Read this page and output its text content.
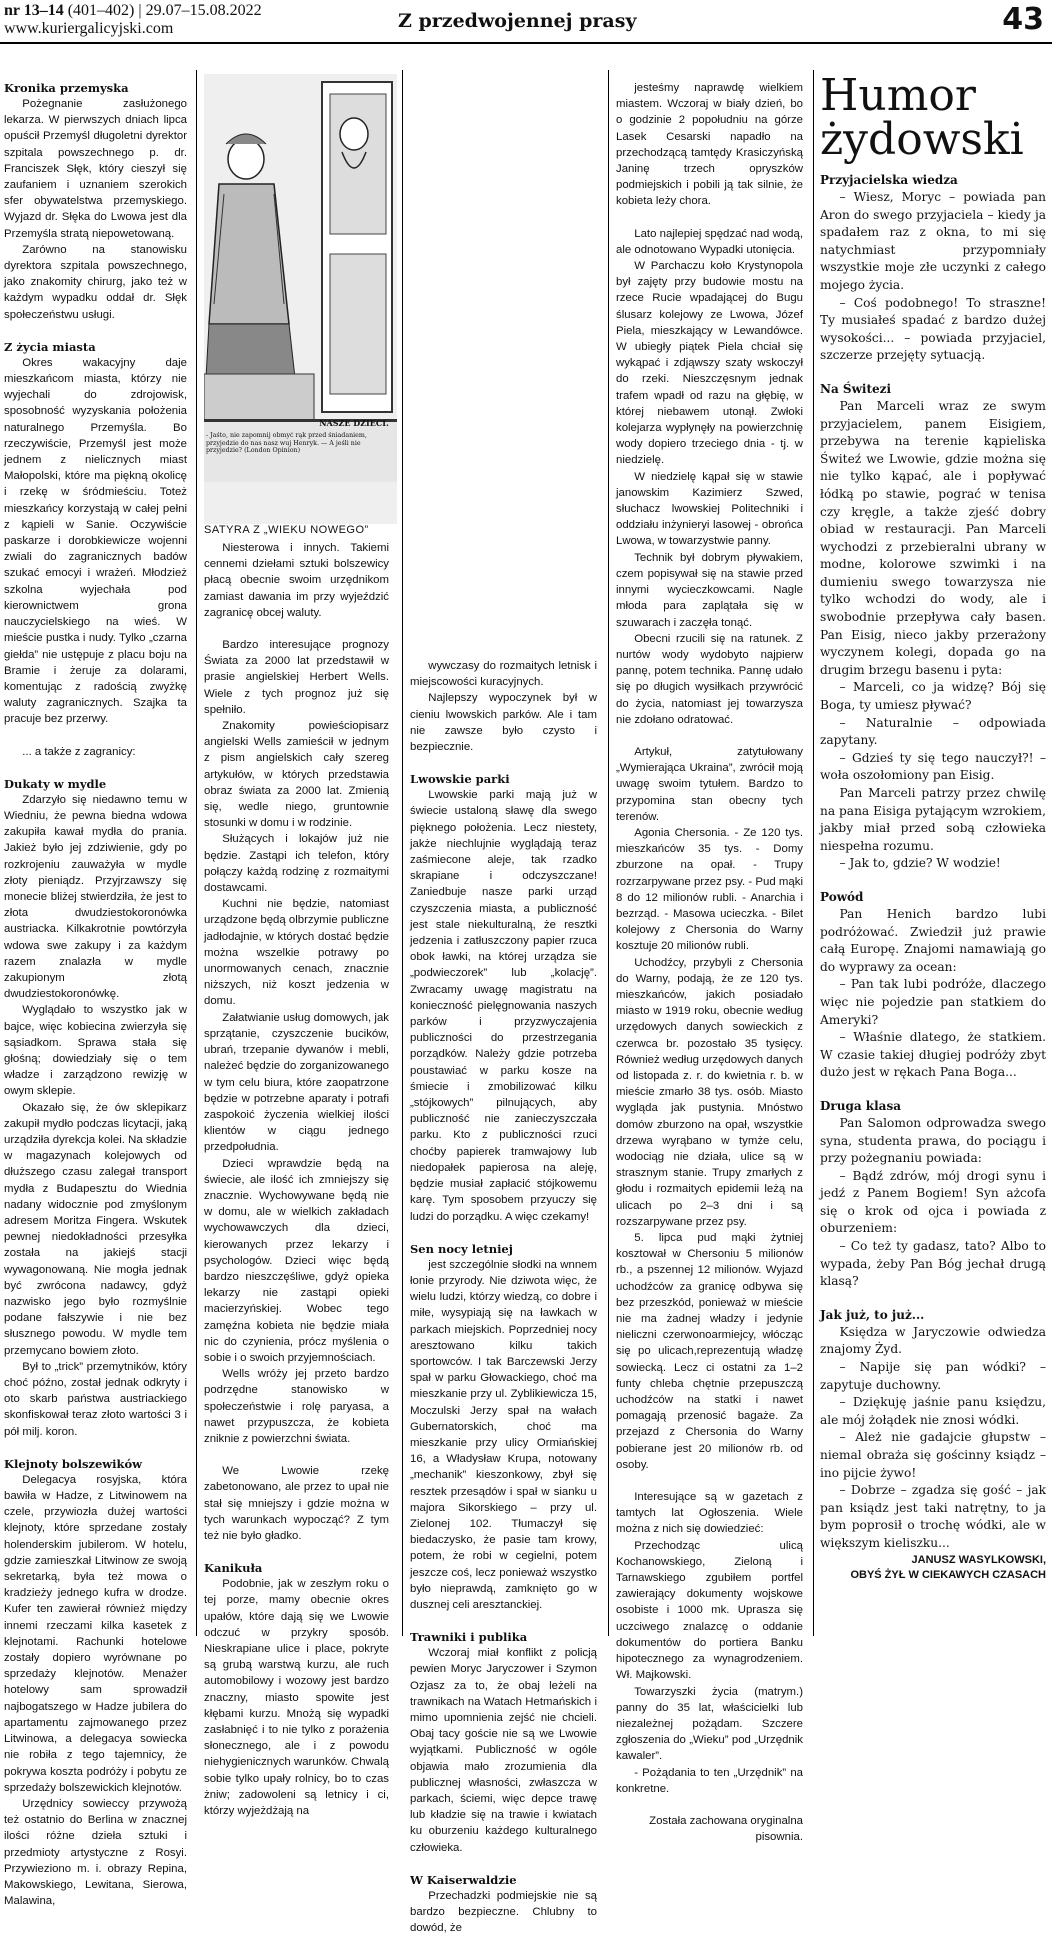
nr 13–14 (401–402) | 29.07–15.08.2022
www.kuriergalicyjski.com	Z przedwojennej prasy	43
NASZE DZIECI.
- Jaśto, nie zapomnij obmyć rąk przed śniadaniem, przyjedzie do nas nasz wuj Henryk. — A jeśli nie przyjedzie? (London Opinion)
SATYRA Z „WIEKU NOWEGO”
Kronika przemyska

Pożegnanie zasłużonego lekarza. W pierwszych dniach lipca opuścił Przemyśl długoletni dyrektor szpitala powszechnego p. dr. Franciszek Słęk, który cieszył się zaufaniem i uznaniem szerokich sfer obywatelstwa przemyskiego. Wyjazd dr. Słęka do Lwowa jest dla Przemyśla stratą niepowetowaną.

Zarówno na stanowisku dyrektora szpitala powszechnego, jako znakomity chirurg, jako też w każdym wypadku oddał dr. Słęk społeczeństwu usługi.

Z życia miasta

Okres wakacyjny daje mieszkańcom miasta, którzy nie wyjechali do zdrojowisk, sposobność wyzyskania położenia naturalnego Przemyśla. Bo rzeczywiście, Przemyśl jest może jednem z nielicznych miast Małopolski, które ma piękną okolicę i rzekę w śródmieściu. Toteż mieszkańcy korzystają w całej pełni z kąpieli w Sanie. Oczywiście paskarze i dorobkiewicze wojenni zwiali do zagranicznych badów szukać emocyi i wrażeń. Młodzież szkolna wyjechała pod kierownictwem grona nauczycielskiego na wieś. W mieście pustka i nudy. Tylko „czarna giełda” nie ustępuje z placu boju na Bramie i żeruje za dolarami, komentując z radością zwyżkę waluty zagranicznych. Szajka ta pracuje bez przerwy.

... a także z zagranicy:

Dukaty w mydle

Zdarzyło się niedawno temu w Wiedniu, że pewna biedna wdowa zakupiła kawał mydła do prania. Jakież było jej zdziwienie, gdy po rozkrojeniu zauważyła w mydle złoty pieniądz. Przyjrzawszy się monecie bliżej stwierdziła, że jest to złota dwudziestokoronówka austriacka. Kilkakrotnie powtórzyła wdowa swe zakupy i za każdym razem znalazła w mydle zakupionym złotą dwudziestokoronówkę.

Wyglądało to wszystko jak w bajce, więc kobiecina zwierzyła się sąsiadkom. Sprawa stała się głośną; dowiedziały się o tem władze i zarządzono rewizję w owym sklepie.

Okazało się, że ów sklepikarz zakupił mydło podczas licytacji, jaką urządziła dyrekcja kolei. Na składzie w magazynach kolejowych od dłuższego czasu zalegał transport mydła z Budapesztu do Wiednia nadany widocznie pod zmyślonym adresem Moritza Fingera. Wskutek pewnej niedokładności przesyłka została na jakiejś stacji wywagonowaną. Nie mogła jednak być zwrócona nadawcy, gdyż nazwisko jego było rozmyślnie podane fałszywie i nie bez słusznego powodu. W mydle tem przemycano bowiem złoto.

Był to „trick” przemytników, który choć późno, został jednak odkryty i oto skarb państwa austriackiego skonfiskował teraz złoto wartości 3 i pół milj. koron.

Klejnoty bolszewików

Delegacya rosyjska, która bawiła w Hadze, z Litwinowem na czele, przywiozła dużej wartości klejnoty, które sprzedane zostały holenderskim jubilerom. W hotelu, gdzie zamieszkał Litwinow ze swoją sekretarką, była też mowa o kradzieży jednego kufra w drodze. Kufer ten zawierał również między innemi rzeczami kilka kasetek z klejnotami. Rachunki hotelowe zostały dopiero wyrównane po sprzedaży klejnotów. Menażer hotelowy sam sprowadził najbogatszego w Hadze jubilera do apartamentu zajmowanego przez Litwinowa, a delegacya sowiecka nie robiła z tego tajemnicy, że pokrywa koszta podróży i pobytu ze sprzedaży bolszewickich klejnotów.

Urzędnicy sowieccy przywożą też ostatnio do Berlina w znacznej ilości różne dzieła sztuki i przedmioty artystyczne z Rosyi. Przywieziono m. i. obrazy Repina, Makowskiego, Lewitana, Sierowa, Malawina,

Niesterowa i innych. Takiemi cennemi dziełami sztuki bolszewicy płacą obecnie swoim urzędnikom zamiast dawania im przy wyjeździć zagranicę obcej waluty.

Bardzo interesujące prognozy Świata za 2000 lat przedstawił w prasie angielskiej Herbert Wells. Wiele z tych prognoz już się spełniło.

Znakomity powieściopisarz angielski Wells zamieścił w jednym z pism angielskich cały szereg artykułów, w których przedstawia obraz świata za 2000 lat. Zmienią się, wedle niego, gruntownie stosunki w domu i w rodzinie.

Służących i lokajów już nie będzie. Zastąpi ich telefon, który połączy każdą rodzinę z rozmaitymi dostawcami.

Kuchni nie będzie, natomiast urządzone będą olbrzymie publiczne jadłodajnie, w których dostać będzie można wszelkie potrawy po unormowanych cenach, znacznie niższych, niż koszt jedzenia w domu.

Załatwianie usług domowych, jak sprzątanie, czyszczenie bucików, ubrań, trzepanie dywanów i mebli, należeć będzie do zorganizowanego w tym celu biura, które zaopatrzone będzie w potrzebne aparaty i potrafi zaspokoić życzenia wielkiej ilości klientów w ciągu jednego przedpołudnia.

Dzieci wprawdzie będą na świecie, ale ilość ich zmniejszy się znacznie. Wychowywane będą nie w domu, ale w wielkich zakładach wychowawczych dla dzieci, kierowanych przez lekarzy i psychologów. Dzieci więc będą bardzo nieszczęśliwe, gdyż opieka lekarzy nie zastąpi opieki macierzyńskiej. Wobec tego zamęźna kobieta nie będzie miała nic do czynienia, prócz myślenia o sobie i o swoich przyjemnościach.

Wells wróży jej przeto bardzo podrzędne stanowisko w społeczeństwie i rolę paryasa, a nawet przypuszcza, że kobieta zniknie z powierzchni świata.

We Lwowie rzekę zabetonowano, ale przez to upał nie stał się mniejszy i gdzie można w tych warunkach wypocząć? Z tym też nie było gładko.

Kanikuła

Podobnie, jak w zeszłym roku o tej porze, mamy obecnie okres upałów, które dają się we Lwowie odczuć w przykry sposób. Nieskrapiane ulice i place, pokryte są grubą warstwą kurzu, ale ruch automobilowy i wozowy jest bardzo znaczny, miasto spowite jest kłębami kurzu. Mnożą się wypadki zasłabnięć i to nie tylko z porażenia słonecznego, ale i z powodu niehygienicznych warunków. Chwalą sobie tylko upały rolnicy, bo to czas żniw; zadowoleni są letnicy i ci, którzy wyjeżdżają na

wywczasy do rozmaitych letnisk i miejscowości kuracyjnych.

Najlepszy wypoczynek był w cieniu lwowskich parków. Ale i tam nie zawsze było czysto i bezpiecznie.

Lwowskie parki

Lwowskie parki mają już w świecie ustaloną sławę dla swego pięknego położenia. Lecz niestety, jakże niechlujnie wyglądają teraz zaśmiecone aleje, tak rzadko skrapiane i odczyszczane! Zaniedbuje naszе parki urząd czyszczenia miasta, a publiczność jest stale niekulturalną, że resztki jedzenia i zatłuszczony papier rzuca obok ławki, na której urządza sie „podwieczorek” lub „kolację”. Zwracamy uwagę magistratu na konieczność pielęgnowania naszych parków i przyzwyczajenia publiczności do przestrzegania porządków. Należy gdzie potrzeba poustawiać w parku kosze na śmiecie i zmobilizować kilku „stójkowych” pilnujących, aby publiczność nie zanieczyszczała parku. Kto z publiczności rzuci choćby papierek tramwajowy lub niedopałek papierosa na aleję, będzie musiał zapłacić stójkowemu karę. Tym sposobem przyuczy się ludzi do porządku. A więc czekamy!

Sen nocy letniej

jest szczególnie słodki na wnnem łonie przyrody. Nie dziwota więc, że wielu ludzi, którzy wiedzą, co dobre i miłe, wysypiają się na ławkach w parkach miejskich. Poprzedniej nocy aresztowano kilku takich sportowców. I tak Barczewski Jerzy spał w parku Głowackiego, choć ma mieszkanie przy ul. Zyblikiewicza 15, Moczulski Jerzy spał na wałach Gubernatorskich, choć ma mieszkanie przy ulicy Ormiańskiej 16, a Władysław Krupa, notowany „mechanik” kieszonkowy, zbył się resztek przesądów i spał w sianku u majora Sikorskiego – przy ul. Zielonej 102. Tłumaczył się biedaczysko, że pasie tam krowy, potem, że robi w cegielni, potem jeszcze coś, lecz ponieważ wszystko było nieprawdą, zamknięto go w dusznej celi aresztanckiej.

Trawniki i publika

Wczoraj miał konflikt z policją pewien Moryc Jaryczower i Szymon Ozjasz za to, że obaj leżeli na trawnikach na Watach Hetmańskich i mimo upomnienia zejść nie chcieli. Obaj tacy goście nie są we Lwowie wyjątkami. Publiczność w ogóle objawia mało zrozumienia dla publicznej własności, zwłaszcza w parkach, ściemi, więc depce trawę lub kładzie się na trawie i kwiatach ku oburzeniu każdego kulturalnego człowieka.

W Kaiserwaldzie

Przechadzki podmiejskie nie są bardzo bezpieczne. Chlubny to dowód, że

jesteśmy naprawdę wielkiem miastem. Wczoraj w biały dzień, bo o godzinie 2 popołudniu na górze Lasek Cesarski napadło na przechodzącą tamtędy Krasiczyńską Janinę trzech opryszków podmiejskich i pobili ją tak silnie, że kobieta leży chora.

Lato najlepiej spędzać nad wodą, ale odnotowano Wypadki utonięcia.

W Parchaczu koło Krystynopola był zajęty przy budowie mostu na rzece Rucie wpadającej do Bugu ślusarz kolejowy ze Lwowa, Józef Piela, mieszkający w Lewandówce. W ubiegły piątek Piela chciał się wykąpać i zdjąwszy szaty wskoczył do rzeki. Nieszczęsnym jednak trafem wpadł od razu na głębię, w której niebawem utonął. Zwłoki kolejarza wypłynęły na powierzchnię wody dopiero trzeciego dnia - tj. w niedzielę.

W niedzielę kąpał się w stawie janowskim Kazimierz Szwed, słuchacz lwowskiej Politechniki i oddziału inżynieryi lasowej - obrońca Lwowa, w towarzystwie panny.

Technik był dobrym pływakiem, czem popisywał się na stawie przed innymi wycieczkowcami. Nagle młoda para zaplątała się w szuwarach i zaczęła tonąć.

Obecni rzucili się na ratunek. Z nurtów wody wydobyto najpierw pannę, potem technika. Pannę udało się po długich wysiłkach przywrócić do życia, natomiast jej towarzysza nie zdołano odratować.

Artykuł, zatytułowany „Wymierająca Ukraina”, zwrócił moją uwagę swoim tytułem. Bardzo to przypomina stan obecny tych terenów.

Agonia Chersonia. - Ze 120 tys. mieszkańców 35 tys. - Domy zburzone na opał. - Trupy rozrzarpywane przez psy. - Pud mąki 8 do 12 milionów rubli. - Anarchia i bezrząd. - Masowa ucieczka. - Bilet kolejowy z Chersonia do Warny kosztuje 20 milionów rubli.

Uchodźcy, przybyli z Chersonia do Warny, podają, że ze 120 tys. mieszkańców, jakich posiadało miasto w 1919 roku, obecnie według urzędowych danych sowieckich z czerwca br. pozostało 35 tysięcy. Również według urzędowych danych od listopada z. r. do kwietnia r. b. w mieście zmarło 38 tys. osób. Miasto wygląda jak pustynia. Mnóstwo domów zburzono na opał, wszystkie drzewa wyrąbano w tymże celu, wodociąg nie działa, ulice są w strasznym stanie. Trupy zmarłych z głodu i rozmaitych epidemii leżą na ulicach po 2–3 dni i są rozszarpywane przez psy.

5. lipca pud mąki żytniej kosztował w Chersoniu 5 milionów rb., a pszennej 12 milionów. Wyjazd uchodźców za granicę odbywa się bez przeszkód, ponieważ w mieście nie ma żadnej władzy i jedynie nieliczni czerwonoarmiejcy, włócząc się po ulicach,reprezentują władzę sowiecką. Lecz ci ostatni za 1–2 funty chleba chętnie przepuszczą uchodźców na statki i nawet pomagają przenosić bagaże. Za przejazd z Chersonia do Warny pobierane jest 20 milionów rb. od osoby.

Interesujące są w gazetach z tamtych lat Ogłoszenia. Wiele można z nich się dowiedzieć:

Przechodząc ulicą Kochanowskiego, Zieloną i Tarnawskiego zgubiłem portfel zawierający dokumenty wojskowe osobiste i 1000 mk. Uprasza się uczciwego znalazcę o oddanie dokumentów do portiera Banku hipotecznego za wynagrodzeniem. Wł. Majkowski.

Towarzyszki życia (matrym.) panny do 35 lat, właścicielki lub niezależnej pożądam. Szczere zgłoszenia do „Wieku” pod „Urzędnik kawaler”.

- Pożądania to ten „Urzędnik” na konkretne.

Została zachowana oryginalna pisownia.

Humor
żydowski
Przyjacielska wiedza

– Wiesz, Moryc – powiada pan Aron do swego przyjaciela – kiedy ja spadałem raz z okna, to mi się natychmiast przypomniały wszystkie moje złe uczynki z całego mojego życia.

– Coś podobnego! To straszne! Ty musiałeś spadać z bardzo dużej wysokości... – powiada przyjaciel, szczerze przejęty sytuacją.

Na Świtezi

Pan Marceli wraz ze swym przyjacielem, panem Eisigiem, przebywa na terenie kąpieliska Świteź we Lwowie, gdzie można się nie tylko kąpać, ale i popływać łódką po stawie, pograć w tenisa czy kręgle, a także zjeść dobry obiad w restauracji. Pan Marceli wychodzi z przebieralni ubrany w modne, kolorowe szwimki i na dumieniu swego towarzysza nie tylko wchodzi do wody, ale i swobodnie przepływa cały basen. Pan Eisig, nieco jakby przerażony wyczynem kolegi, dopada go na drugim brzegu basenu i pyta:

– Marceli, co ja widzę? Bój się Boga, ty umiesz pływać?

– Naturalnie – odpowiada zapytany.

– Gdzieś ty się tego nauczył?! – woła oszołomiony pan Eisig.

Pan Marceli patrzy przez chwilę na pana Eisiga pytającym wzrokiem, jakby miał przed sobą człowieka niespełna rozumu.

– Jak to, gdzie? W wodzie!

Powód

Pan Henich bardzo lubi podróżować. Zwiedził już prawie całą Europę. Znajomi namawiają go do wyprawy za ocean:

– Pan tak lubi podróże, dlaczego więc nie pojedzie pan statkiem do Ameryki?

– Właśnie dlatego, że statkiem. W czasie takiej długiej podróży zbyt dużo jest w rękach Pana Boga...

Druga klasa

Pan Salomon odprowadza swego syna, studenta prawa, do pociągu i przy pożegnaniu powiada:

– Bądź zdrów, mój drogi synu i jedź z Panem Bogiem! Syn ażcofa się o krok od ojca i powiada z oburzeniem:

– Co też ty gadasz, tato? Albo to wypada, żeby Pan Bóg jechał drugą klasą?

Jak już, to już...

Księdza w Jaryczowie odwiedza znajomy Żyd.

– Napije się pan wódki? – zapytuje duchowny.

– Dziękuję jaśnie panu księdzu, ale mój żołądek nie znosi wódki.

– Ależ nie gadajcie głupstw – niemal obraża się gościnny ksiądz – ino pijcie żywo!

– Dobrze – zgadza się gość – jak pan ksiądz jest taki natrętny, to ja bym poprosił o trochę wódki, ale w większym kieliszku...

JANUSZ WASYLKOWSKI,
OBYŚ ŻYŁ W CIEKAWYCH CZASACH
